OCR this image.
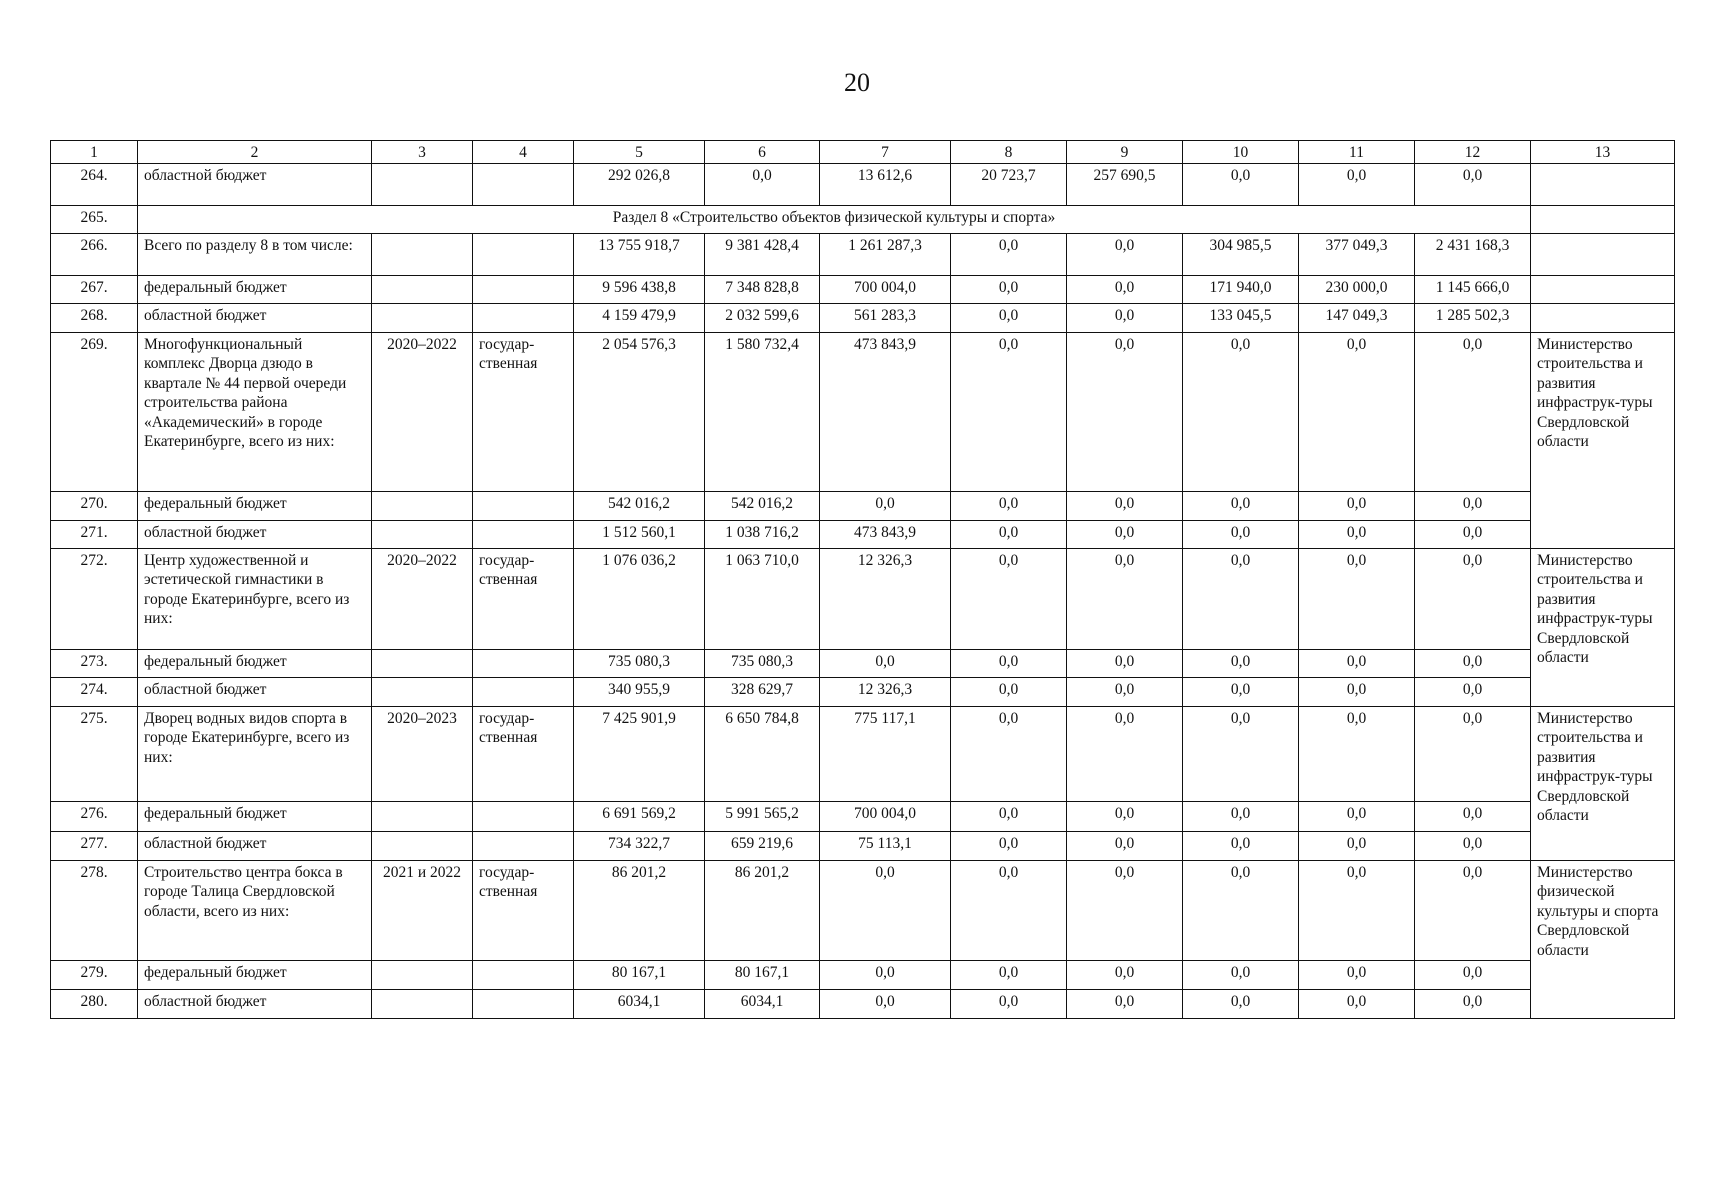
20
1	2	3	4	5	6	7	8	9	10	11	12	13
264.	областной бюджет			292 026,8	0,0	13 612,6	20 723,7	257 690,5	0,0	0,0	0,0	
265.	Раздел 8 «Строительство объектов физической культуры и спорта»											
266.	Всего по разделу 8 в том числе:			13 755 918,7	9 381 428,4	1 261 287,3	0,0	0,0	304 985,5	377 049,3	2 431 168,3	
267.	федеральный бюджет			9 596 438,8	7 348 828,8	700 004,0	0,0	0,0	171 940,0	230 000,0	1 145 666,0	
268.	областной бюджет			4 159 479,9	2 032 599,6	561 283,3	0,0	0,0	133 045,5	147 049,3	1 285 502,3	
269.	Многофункциональный комплекс Дворца дзюдо в квартале № 44 первой очереди строительства района «Академический» в городе Екатеринбурге, всего из них:	2020–2022	государ-ственная	2 054 576,3	1 580 732,4	473 843,9	0,0	0,0	0,0	0,0	0,0	Министерство строительства и развития инфраструк-туры Свердловской области
270.	федеральный бюджет			542 016,2	542 016,2	0,0	0,0	0,0	0,0	0,0	0,0	
271.	областной бюджет			1 512 560,1	1 038 716,2	473 843,9	0,0	0,0	0,0	0,0	0,0	
272.	Центр художественной и эстетической гимнастики в городе Екатеринбурге, всего из них:	2020–2022	государ-ственная	1 076 036,2	1 063 710,0	12 326,3	0,0	0,0	0,0	0,0	0,0	Министерство строительства и развития инфраструк-туры Свердловской области
273.	федеральный бюджет			735 080,3	735 080,3	0,0	0,0	0,0	0,0	0,0	0,0	
274.	областной бюджет			340 955,9	328 629,7	12 326,3	0,0	0,0	0,0	0,0	0,0	
275.	Дворец водных видов спорта в городе Екатеринбурге, всего из них:	2020–2023	государ-ственная	7 425 901,9	6 650 784,8	775 117,1	0,0	0,0	0,0	0,0	0,0	Министерство строительства и развития инфраструк-туры Свердловской области
276.	федеральный бюджет			6 691 569,2	5 991 565,2	700 004,0	0,0	0,0	0,0	0,0	0,0	
277.	областной бюджет			734 322,7	659 219,6	75 113,1	0,0	0,0	0,0	0,0	0,0	
278.	Строительство центра бокса в городе Талица Свердловской области, всего из них:	2021 и 2022	государ-ственная	86 201,2	86 201,2	0,0	0,0	0,0	0,0	0,0	0,0	Министерство физической культуры и спорта Свердловской области
279.	федеральный бюджет			80 167,1	80 167,1	0,0	0,0	0,0	0,0	0,0	0,0	
280.	областной бюджет			6034,1	6034,1	0,0	0,0	0,0	0,0	0,0	0,0	
